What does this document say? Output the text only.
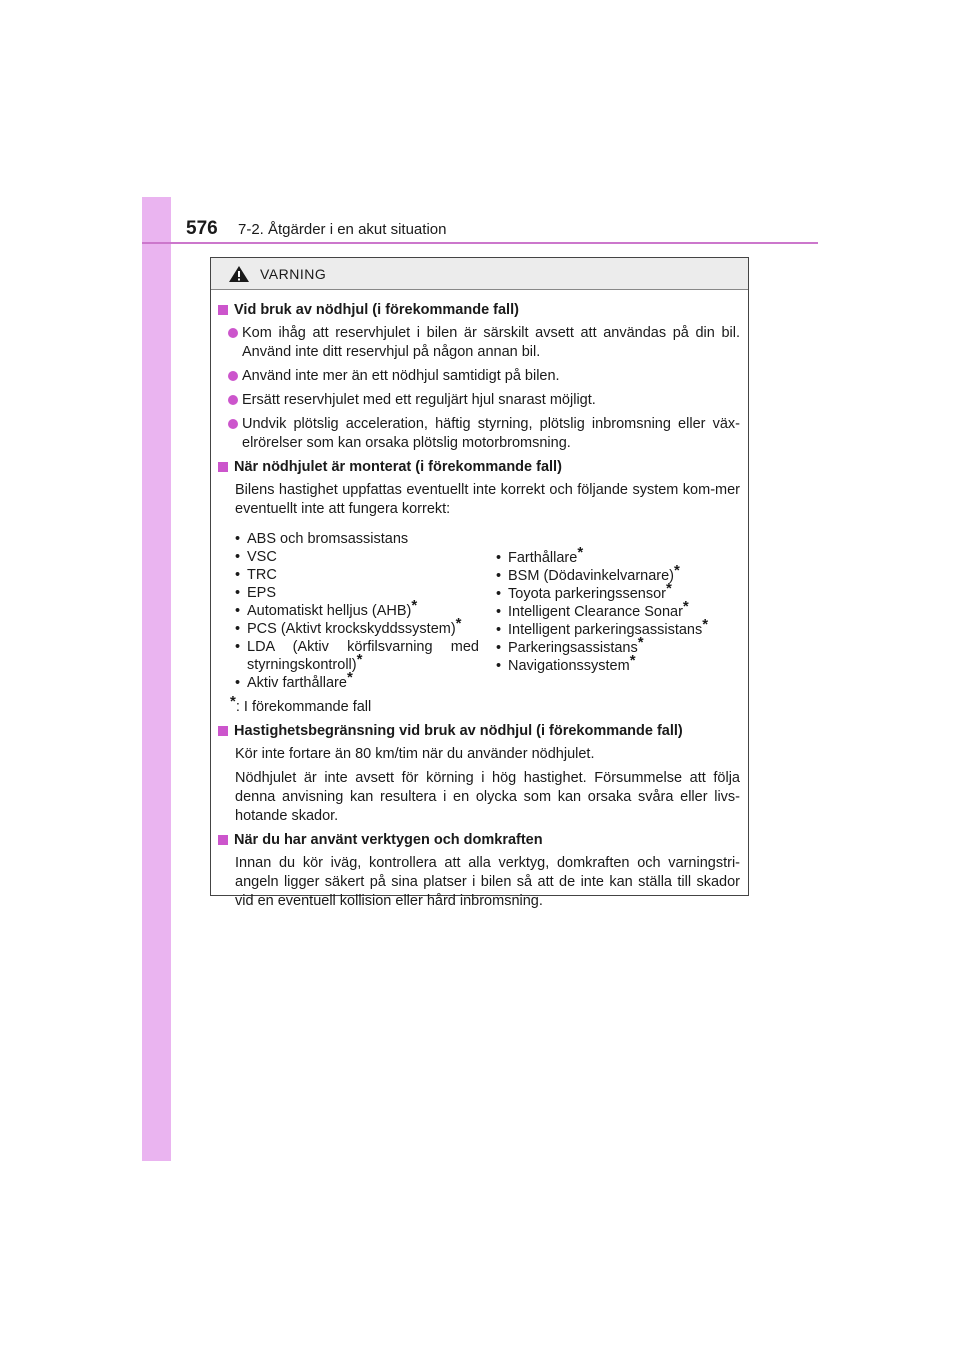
576 7-2. Åtgärder i en akut situation
VARNING
Vid bruk av nödhjul (i förekommande fall)
Kom ihåg att reservhjulet i bilen är särskilt avsett att användas på din bil. Använd inte ditt reservhjul på någon annan bil.
Använd inte mer än ett nödhjul samtidigt på bilen.
Ersätt reservhjulet med ett reguljärt hjul snarast möjligt.
Undvik plötslig acceleration, häftig styrning, plötslig inbromsning eller väx-elrörelser som kan orsaka plötslig motorbromsning.
När nödhjulet är monterat (i förekommande fall)
Bilens hastighet uppfattas eventuellt inte korrekt och följande system kom-mer eventuellt inte att fungera korrekt:
• ABS och bromsassistans
• VSC
• TRC
• EPS
• Automatiskt helljus (AHB)*
• PCS (Aktivt krockskyddssystem)*
• LDA (Aktiv körfilsvarning med
styrningskontroll)*
• Aktiv farthållare*
• Farthållare*
• BSM (Dödavinkelvarnare)*
• Toyota parkeringssensor*
• Intelligent Clearance Sonar*
• Intelligent parkeringsassistans*
• Parkeringsassistans*
• Navigationssystem*
*: I förekommande fall
Hastighetsbegränsning vid bruk av nödhjul (i förekommande fall)
Kör inte fortare än 80 km/tim när du använder nödhjulet.
Nödhjulet är inte avsett för körning i hög hastighet. Försummelse att följa denna anvisning kan resultera i en olycka som kan orsaka svåra eller livs-hotande skador.
När du har använt verktygen och domkraften
Innan du kör iväg, kontrollera att alla verktyg, domkraften och varningstri-angeln ligger säkert på sina platser i bilen så att de inte kan ställa till skador vid en eventuell kollision eller hård inbromsning.
